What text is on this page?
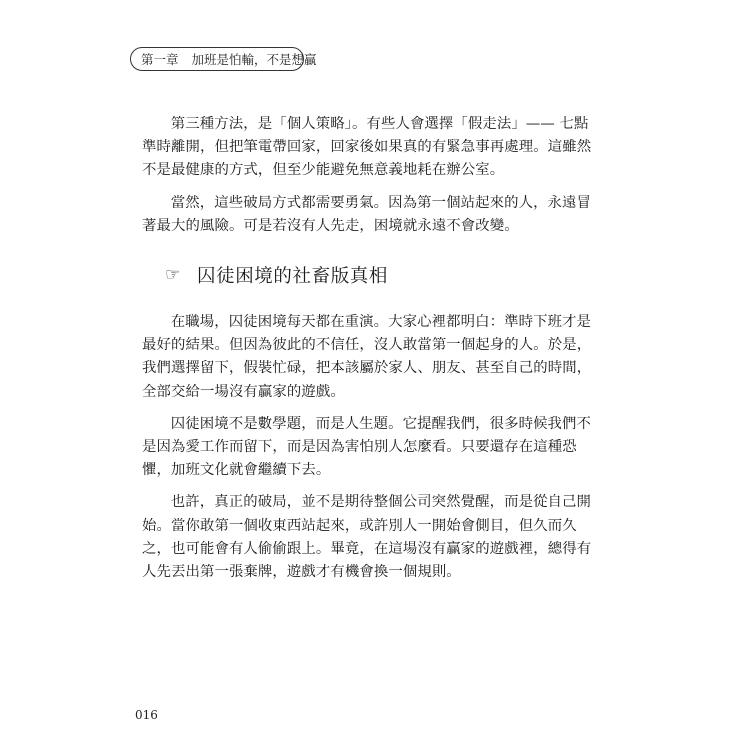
第一章 加班是怕輸，不是想贏

第三種方法，是「個人策略」。有些人會選擇「假走法」—— 七點準時離開，但把筆電帶回家，回家後如果真的有緊急事再處理。這雖然不是最健康的方式，但至少能避免無意義地耗在辦公室。

當然，這些破局方式都需要勇氣。因為第一個站起來的人，永遠冒著最大的風險。可是若沒有人先走，困境就永遠不會改變。

☞ 囚徒困境的社畜版真相

在職場，囚徒困境每天都在重演。大家心裡都明白：準時下班才是最好的結果。但因為彼此的不信任，沒人敢當第一個起身的人。於是，我們選擇留下，假裝忙碌，把本該屬於家人、朋友、甚至自己的時間，全部交給一場沒有贏家的遊戲。

囚徒困境不是數學題，而是人生題。它提醒我們，很多時候我們不是因為愛工作而留下，而是因為害怕別人怎麼看。只要還存在這種恐懼，加班文化就會繼續下去。

也許，真正的破局，並不是期待整個公司突然覺醒，而是從自己開始。當你敢第一個收東西站起來，或許別人一開始會側目，但久而久之，也可能會有人偷偷跟上。畢竟，在這場沒有贏家的遊戲裡，總得有人先丟出第一張棄牌，遊戲才有機會換一個規則。

016
